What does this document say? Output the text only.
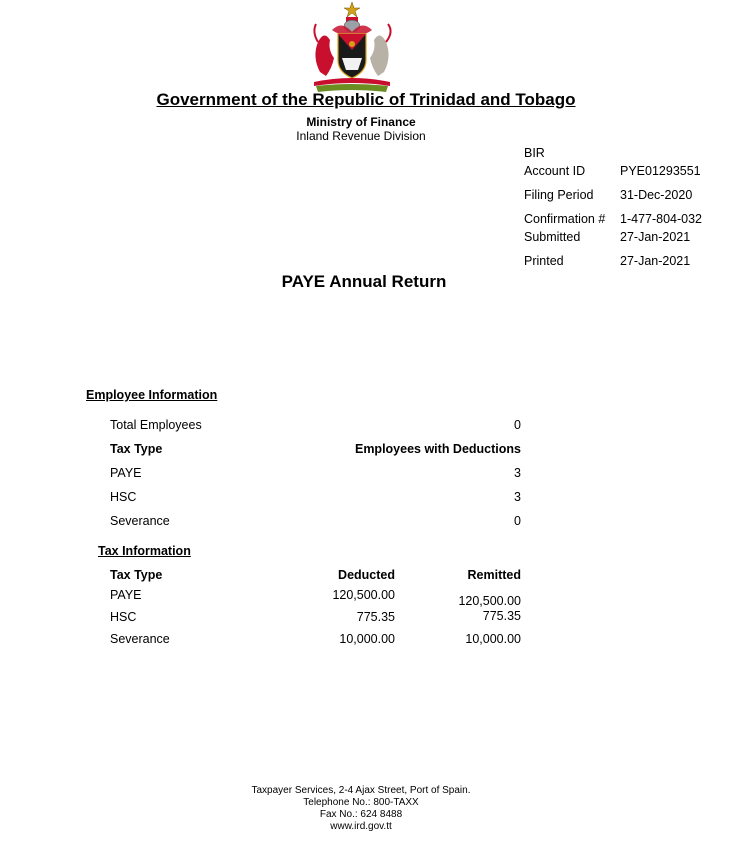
Government of the Republic of Trinidad and Tobago
Ministry of Finance
Inland Revenue Division
BIR
Account ID	PYE01293551
Filing Period 31-Dec-2020
Confirmation # 1-477-804-032
Submitted	27-Jan-2021
Printed	27-Jan-2021
PAYE Annual Return
Employee Information
Total Employees	0
Tax Type	Employees with Deductions
PAYE	3
HSC	3
Severance	0
Tax Information
Tax Type	Deducted	Remitted
PAYE	120,500.00	120,500.00
HSC	775.35	775.35
Severance	10,000.00	10,000.00
Taxpayer Services, 2-4 Ajax Street, Port of Spain.
Telephone No.: 800-TAXX
Fax No.: 624 8488
www.ird.gov.tt
